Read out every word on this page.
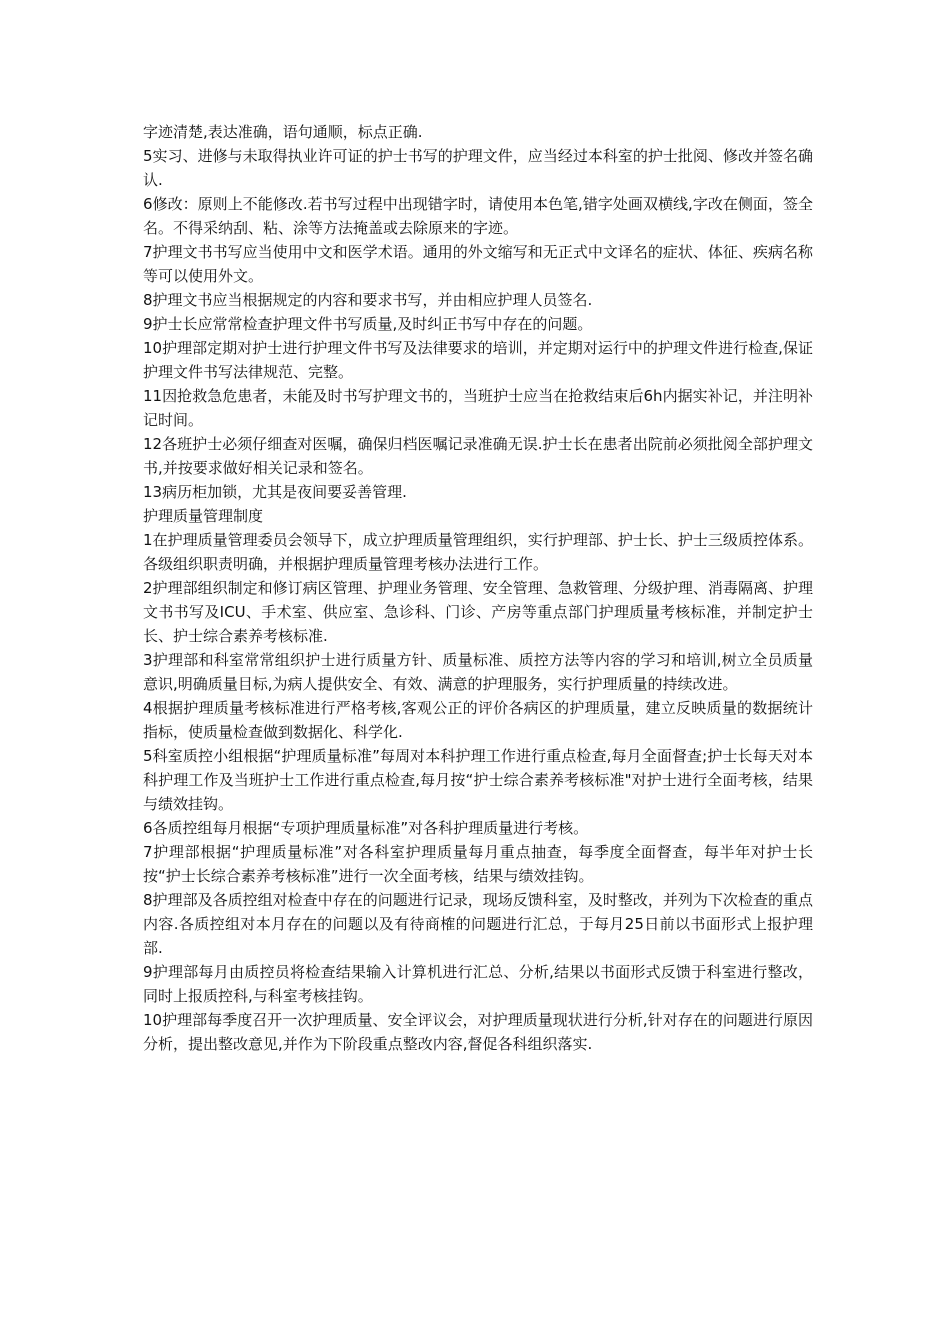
字迹清楚,表达准确，语句通顺，标点正确.

5实习、进修与未取得执业许可证的护士书写的护理文件，应当经过本科室的护士批阅、修改并签名确认.

6修改：原则上不能修改.若书写过程中出现错字时，请使用本色笔,错字处画双横线,字改在侧面，签全名。不得采纳刮、粘、涂等方法掩盖或去除原来的字迹。

7护理文书书写应当使用中文和医学术语。通用的外文缩写和无正式中文译名的症状、体征、疾病名称等可以使用外文。

8护理文书应当根据规定的内容和要求书写，并由相应护理人员签名.

9护士长应常常检查护理文件书写质量,及时纠正书写中存在的问题。

10护理部定期对护士进行护理文件书写及法律要求的培训，并定期对运行中的护理文件进行检查,保证护理文件书写法律规范、完整。

11因抢救急危患者，未能及时书写护理文书的，当班护士应当在抢救结束后6h内据实补记，并注明补记时间。

12各班护士必须仔细查对医嘱，确保归档医嘱记录准确无误.护士长在患者出院前必须批阅全部护理文书,并按要求做好相关记录和签名。

13病历柜加锁，尤其是夜间要妥善管理.

护理质量管理制度

1在护理质量管理委员会领导下，成立护理质量管理组织，实行护理部、护士长、护士三级质控体系。各级组织职责明确，并根据护理质量管理考核办法进行工作。

2护理部组织制定和修订病区管理、护理业务管理、安全管理、急救管理、分级护理、消毒隔离、护理文书书写及ICU、手术室、供应室、急诊科、门诊、产房等重点部门护理质量考核标准，并制定护士长、护士综合素养考核标准.

3护理部和科室常常组织护士进行质量方针、质量标准、质控方法等内容的学习和培训,树立全员质量意识,明确质量目标,为病人提供安全、有效、满意的护理服务，实行护理质量的持续改进。

4根据护理质量考核标准进行严格考核,客观公正的评价各病区的护理质量，建立反映质量的数据统计指标，使质量检查做到数据化、科学化.

5科室质控小组根据“护理质量标准”每周对本科护理工作进行重点检查,每月全面督查;护士长每天对本科护理工作及当班护士工作进行重点检查,每月按“护士综合素养考核标准"对护士进行全面考核，结果与绩效挂钩。

6各质控组每月根据“专项护理质量标准”对各科护理质量进行考核。

7护理部根据“护理质量标准”对各科室护理质量每月重点抽查，每季度全面督查，每半年对护士长按“护士长综合素养考核标准”进行一次全面考核，结果与绩效挂钩。

8护理部及各质控组对检查中存在的问题进行记录，现场反馈科室，及时整改，并列为下次检查的重点内容.各质控组对本月存在的问题以及有待商榷的问题进行汇总，于每月25日前以书面形式上报护理部.

9护理部每月由质控员将检查结果输入计算机进行汇总、分析,结果以书面形式反馈于科室进行整改，同时上报质控科,与科室考核挂钩。

10护理部每季度召开一次护理质量、安全评议会，对护理质量现状进行分析,针对存在的问题进行原因分析，提出整改意见,并作为下阶段重点整改内容,督促各科组织落实.
